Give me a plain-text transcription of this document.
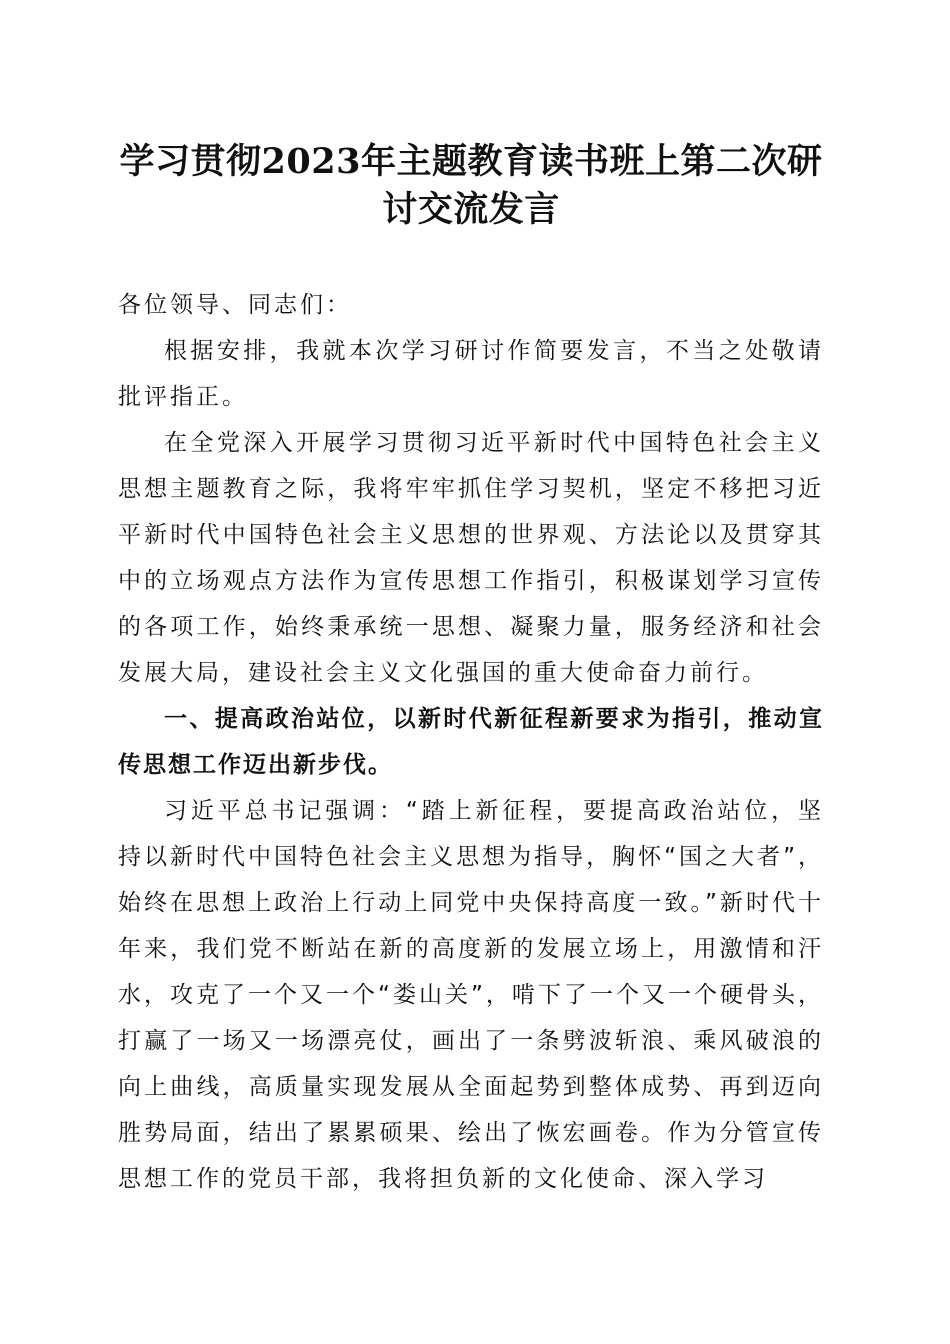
学习贯彻2023年主题教育读书班上第二次研讨交流发言

各位领导、同志们：

根据安排，我就本次学习研讨作简要发言，不当之处敬请批评指正。

在全党深入开展学习贯彻习近平新时代中国特色社会主义思想主题教育之际，我将牢牢抓住学习契机，坚定不移把习近平新时代中国特色社会主义思想的世界观、方法论以及贯穿其中的立场观点方法作为宣传思想工作指引，积极谋划学习宣传的各项工作，始终秉承统一思想、凝聚力量，服务经济和社会发展大局，建设社会主义文化强国的重大使命奋力前行。

一、提高政治站位，以新时代新征程新要求为指引，推动宣传思想工作迈出新步伐。

习近平总书记强调：“踏上新征程，要提高政治站位，坚持以新时代中国特色社会主义思想为指导，胸怀“国之大者”，始终在思想上政治上行动上同党中央保持高度一致。”新时代十年来，我们党不断站在新的高度新的发展立场上，用激情和汗水，攻克了一个又一个“娄山关”，啃下了一个又一个硬骨头，打赢了一场又一场漂亮仗，画出了一条劈波斩浪、乘风破浪的向上曲线，高质量实现发展从全面起势到整体成势、再到迈向胜势局面，结出了累累硕果、绘出了恢宏画卷。作为分管宣传思想工作的党员干部，我将担负新的文化使命、深入学习
